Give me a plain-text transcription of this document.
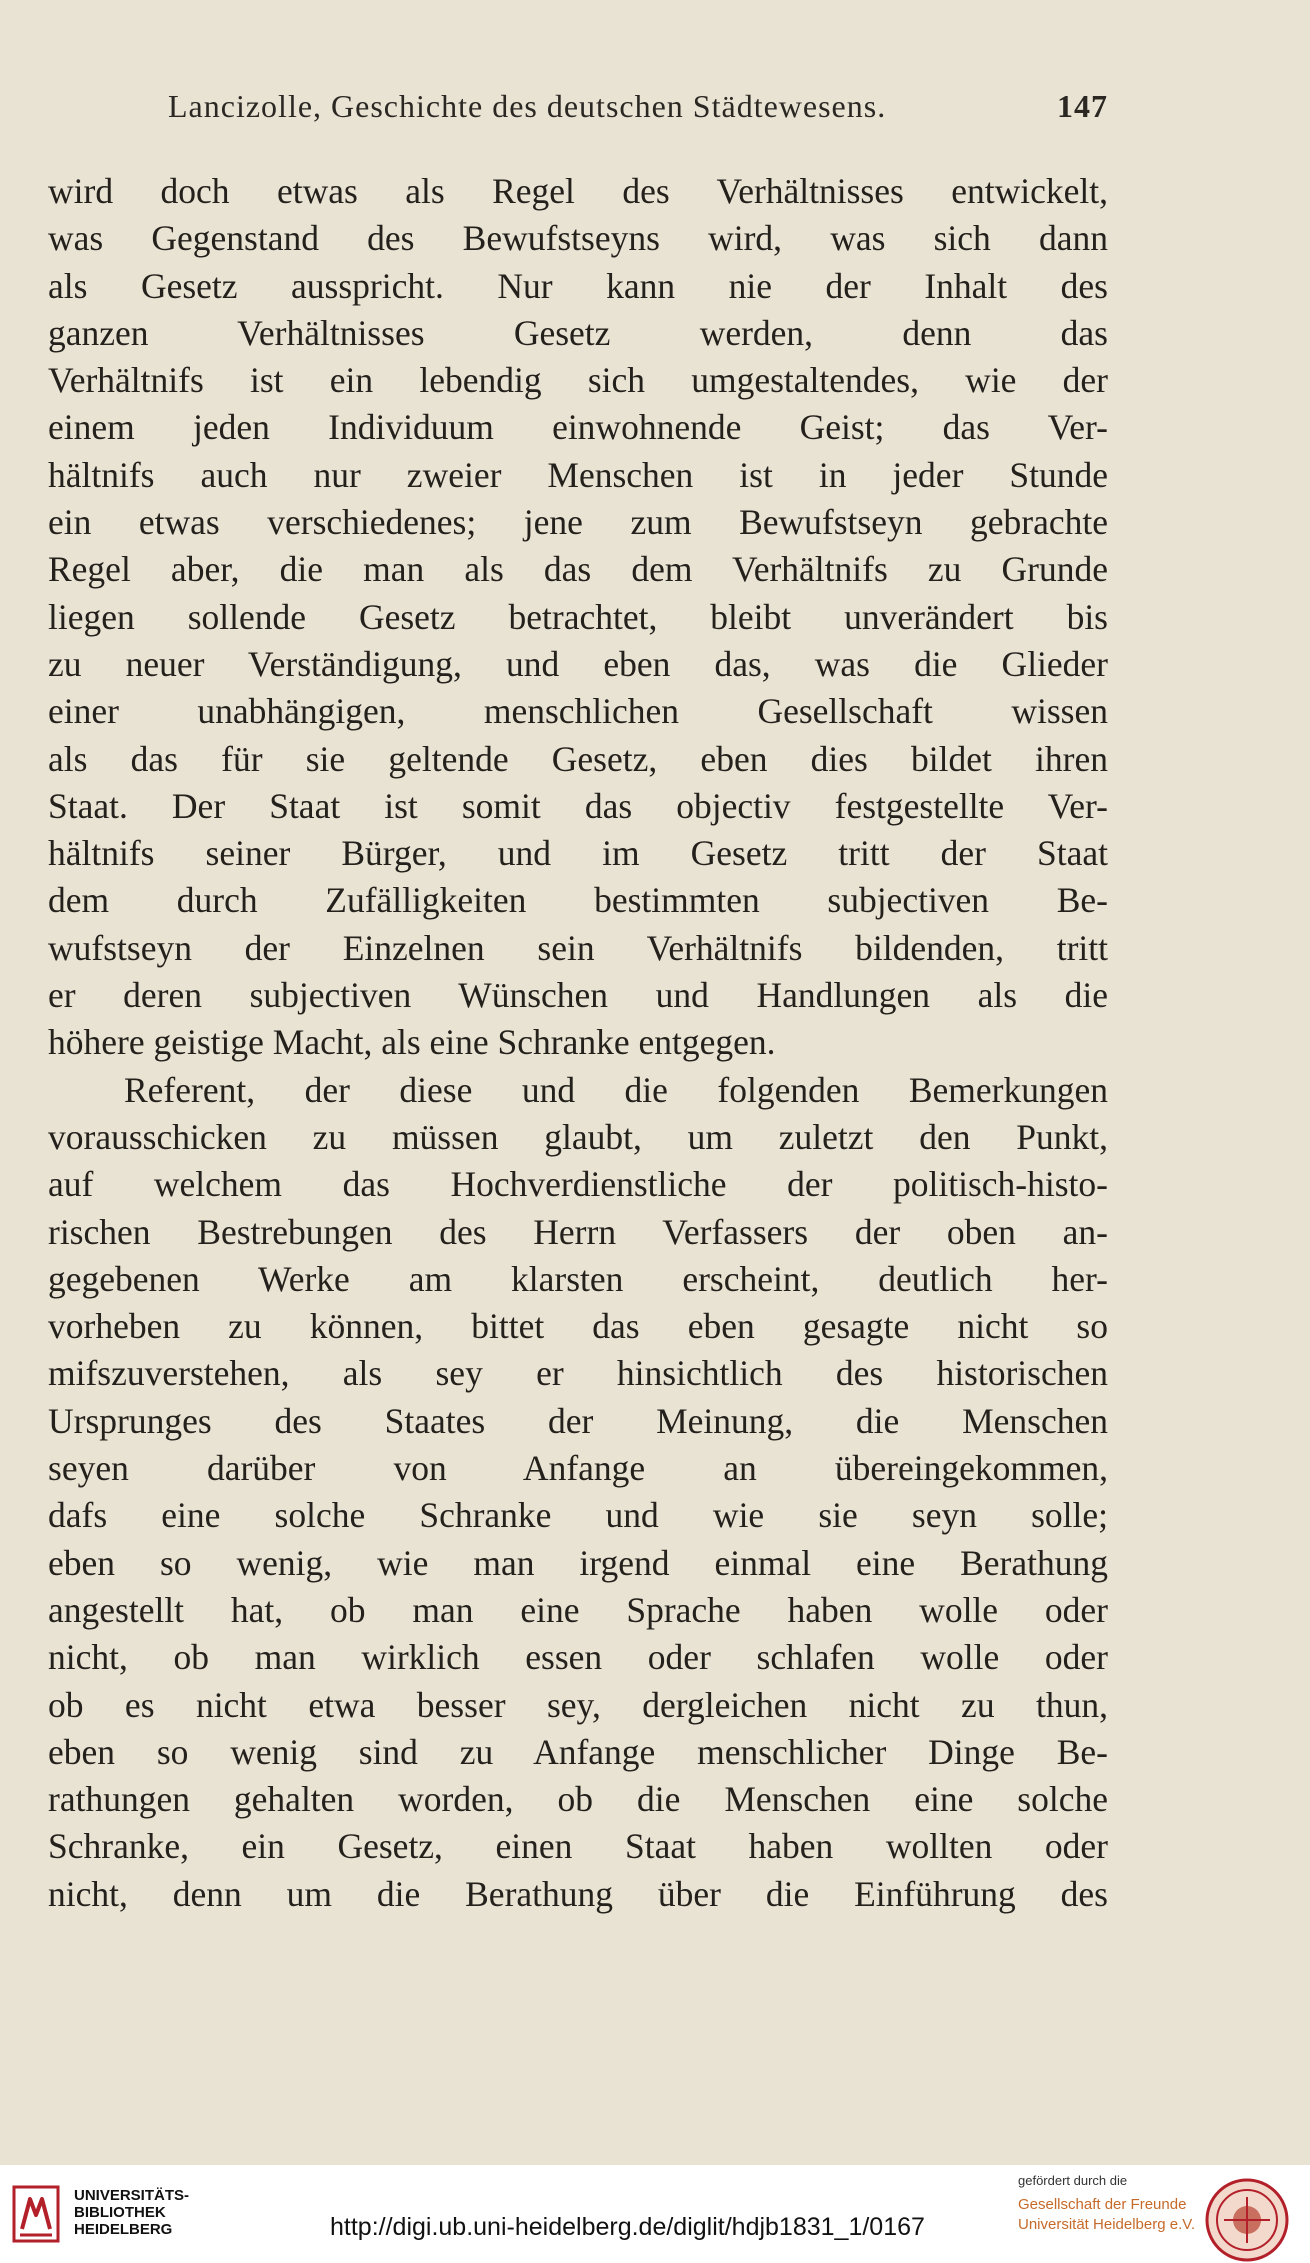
Lancizolle, Geschichte des deutschen Städtewesens.	147
wird doch etwas als Regel des Verhältnisses entwickelt,
was Gegenstand des Bewufstseyns wird, was sich dann
als Gesetz ausspricht. Nur kann nie der Inhalt des
ganzen Verhältnisses Gesetz werden, denn das
Verhältnifs ist ein lebendig sich umgestaltendes, wie der
einem jeden Individuum einwohnende Geist; das Ver-
hältnifs auch nur zweier Menschen ist in jeder Stunde
ein etwas verschiedenes; jene zum Bewufstseyn gebrachte
Regel aber, die man als das dem Verhältnifs zu Grunde
liegen sollende Gesetz betrachtet, bleibt unverändert bis
zu neuer Verständigung, und eben das, was die Glieder
einer unabhängigen, menschlichen Gesellschaft wissen
als das für sie geltende Gesetz, eben dies bildet ihren
Staat. Der Staat ist somit das objectiv festgestellte Ver-
hältnifs seiner Bürger, und im Gesetz tritt der Staat
dem durch Zufälligkeiten bestimmten subjectiven Be-
wufstseyn der Einzelnen sein Verhältnifs bildenden, tritt
er deren subjectiven Wünschen und Handlungen als die
höhere geistige Macht, als eine Schranke entgegen.
Referent, der diese und die folgenden Bemerkungen
vorausschicken zu müssen glaubt, um zuletzt den Punkt,
auf welchem das Hochverdienstliche der politisch-histo-
rischen Bestrebungen des Herrn Verfassers der oben an-
gegebenen Werke am klarsten erscheint, deutlich her-
vorheben zu können, bittet das eben gesagte nicht so
mifszuverstehen, als sey er hinsichtlich des historischen
Ursprunges des Staates der Meinung, die Menschen
seyen darüber von Anfange an übereingekommen,
dafs eine solche Schranke und wie sie seyn solle;
eben so wenig, wie man irgend einmal eine Berathung
angestellt hat, ob man eine Sprache haben wolle oder
nicht, ob man wirklich essen oder schlafen wolle oder
ob es nicht etwa besser sey, dergleichen nicht zu thun,
eben so wenig sind zu Anfange menschlicher Dinge Be-
rathungen gehalten worden, ob die Menschen eine solche
Schranke, ein Gesetz, einen Staat haben wollten oder
nicht, denn um die Berathung über die Einführung des
UNIVERSITÄTS-
BIBLIOTHEK
HEIDELBERG	http://digi.ub.uni-heidelberg.de/diglit/hdjb1831_1/0167
gefördert durch die
Gesellschaft der Freunde
Universität Heidelberg e.V.
